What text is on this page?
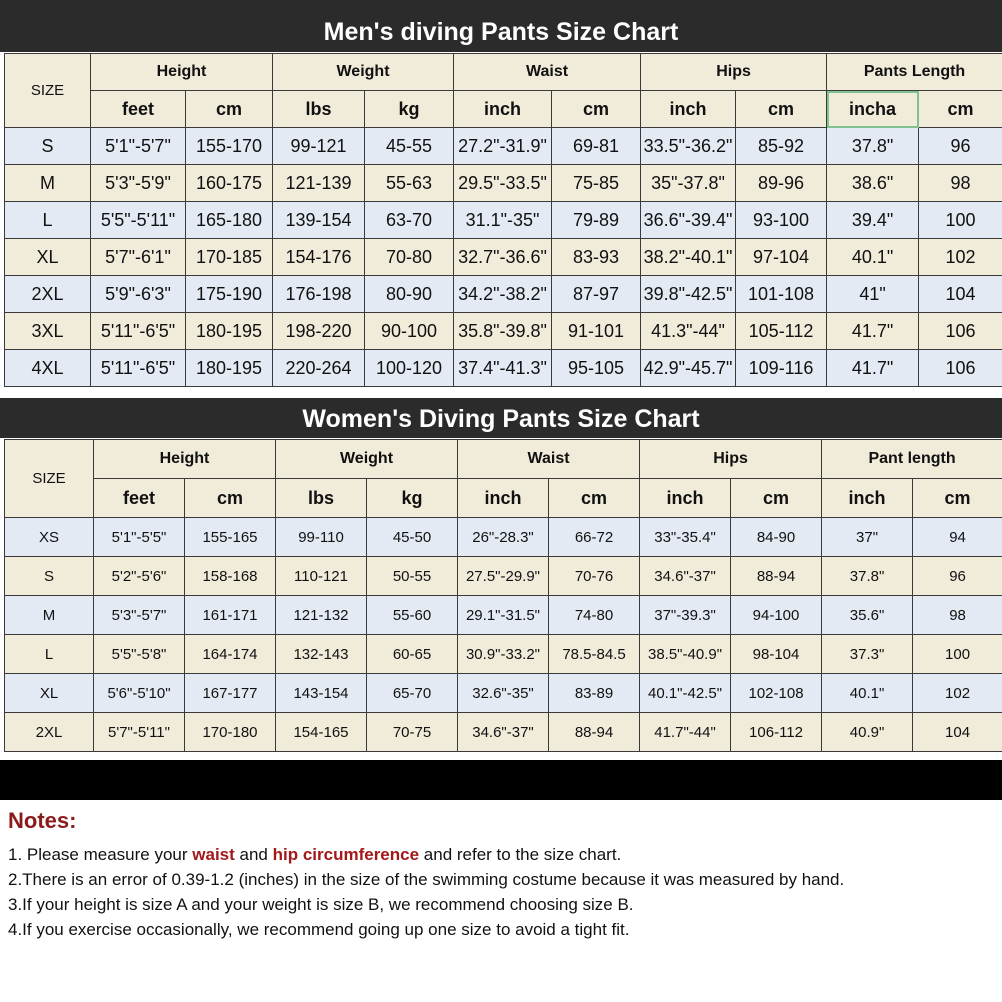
Men's diving Pants Size Chart
SIZE	Height		Weight		Waist		Hips		Pants Length	
	feet	cm	lbs	kg	inch	cm	inch	cm	incha	cm
S	5'1"-5'7"	155-170	99-121	45-55	27.2"-31.9"	69-81	33.5"-36.2"	85-92	37.8"	96
M	5'3"-5'9"	160-175	121-139	55-63	29.5"-33.5"	75-85	35"-37.8"	89-96	38.6"	98
L	5'5"-5'11"	165-180	139-154	63-70	31.1"-35"	79-89	36.6"-39.4"	93-100	39.4"	100
XL	5'7"-6'1"	170-185	154-176	70-80	32.7"-36.6"	83-93	38.2"-40.1"	97-104	40.1"	102
2XL	5'9"-6'3"	175-190	176-198	80-90	34.2"-38.2"	87-97	39.8"-42.5"	101-108	41"	104
3XL	5'11"-6'5"	180-195	198-220	90-100	35.8"-39.8"	91-101	41.3"-44"	105-112	41.7"	106
4XL	5'11"-6'5"	180-195	220-264	100-120	37.4"-41.3"	95-105	42.9"-45.7"	109-116	41.7"	106
Women's Diving Pants Size Chart
SIZE	Height		Weight		Waist		Hips		Pant length	
	feet	cm	lbs	kg	inch	cm	inch	cm	inch	cm
XS	5'1"-5'5"	155-165	99-110	45-50	26"-28.3"	66-72	33"-35.4"	84-90	37"	94
S	5'2"-5'6"	158-168	110-121	50-55	27.5"-29.9"	70-76	34.6"-37"	88-94	37.8"	96
M	5'3"-5'7"	161-171	121-132	55-60	29.1"-31.5"	74-80	37"-39.3"	94-100	35.6"	98
L	5'5"-5'8"	164-174	132-143	60-65	30.9"-33.2"	78.5-84.5	38.5"-40.9"	98-104	37.3"	100
XL	5'6"-5'10"	167-177	143-154	65-70	32.6"-35"	83-89	40.1"-42.5"	102-108	40.1"	102
2XL	5'7"-5'11"	170-180	154-165	70-75	34.6"-37"	88-94	41.7"-44"	106-112	40.9"	104

Notes:

1. Please measure your waist and hip circumference and refer to the size chart.

2.There is an error of 0.39-1.2 (inches) in the size of the swimming costume because it was measured by hand.

3.If your height is size A and your weight is size B, we recommend choosing size B.

4.If you exercise occasionally, we recommend going up one size to avoid a tight fit.
